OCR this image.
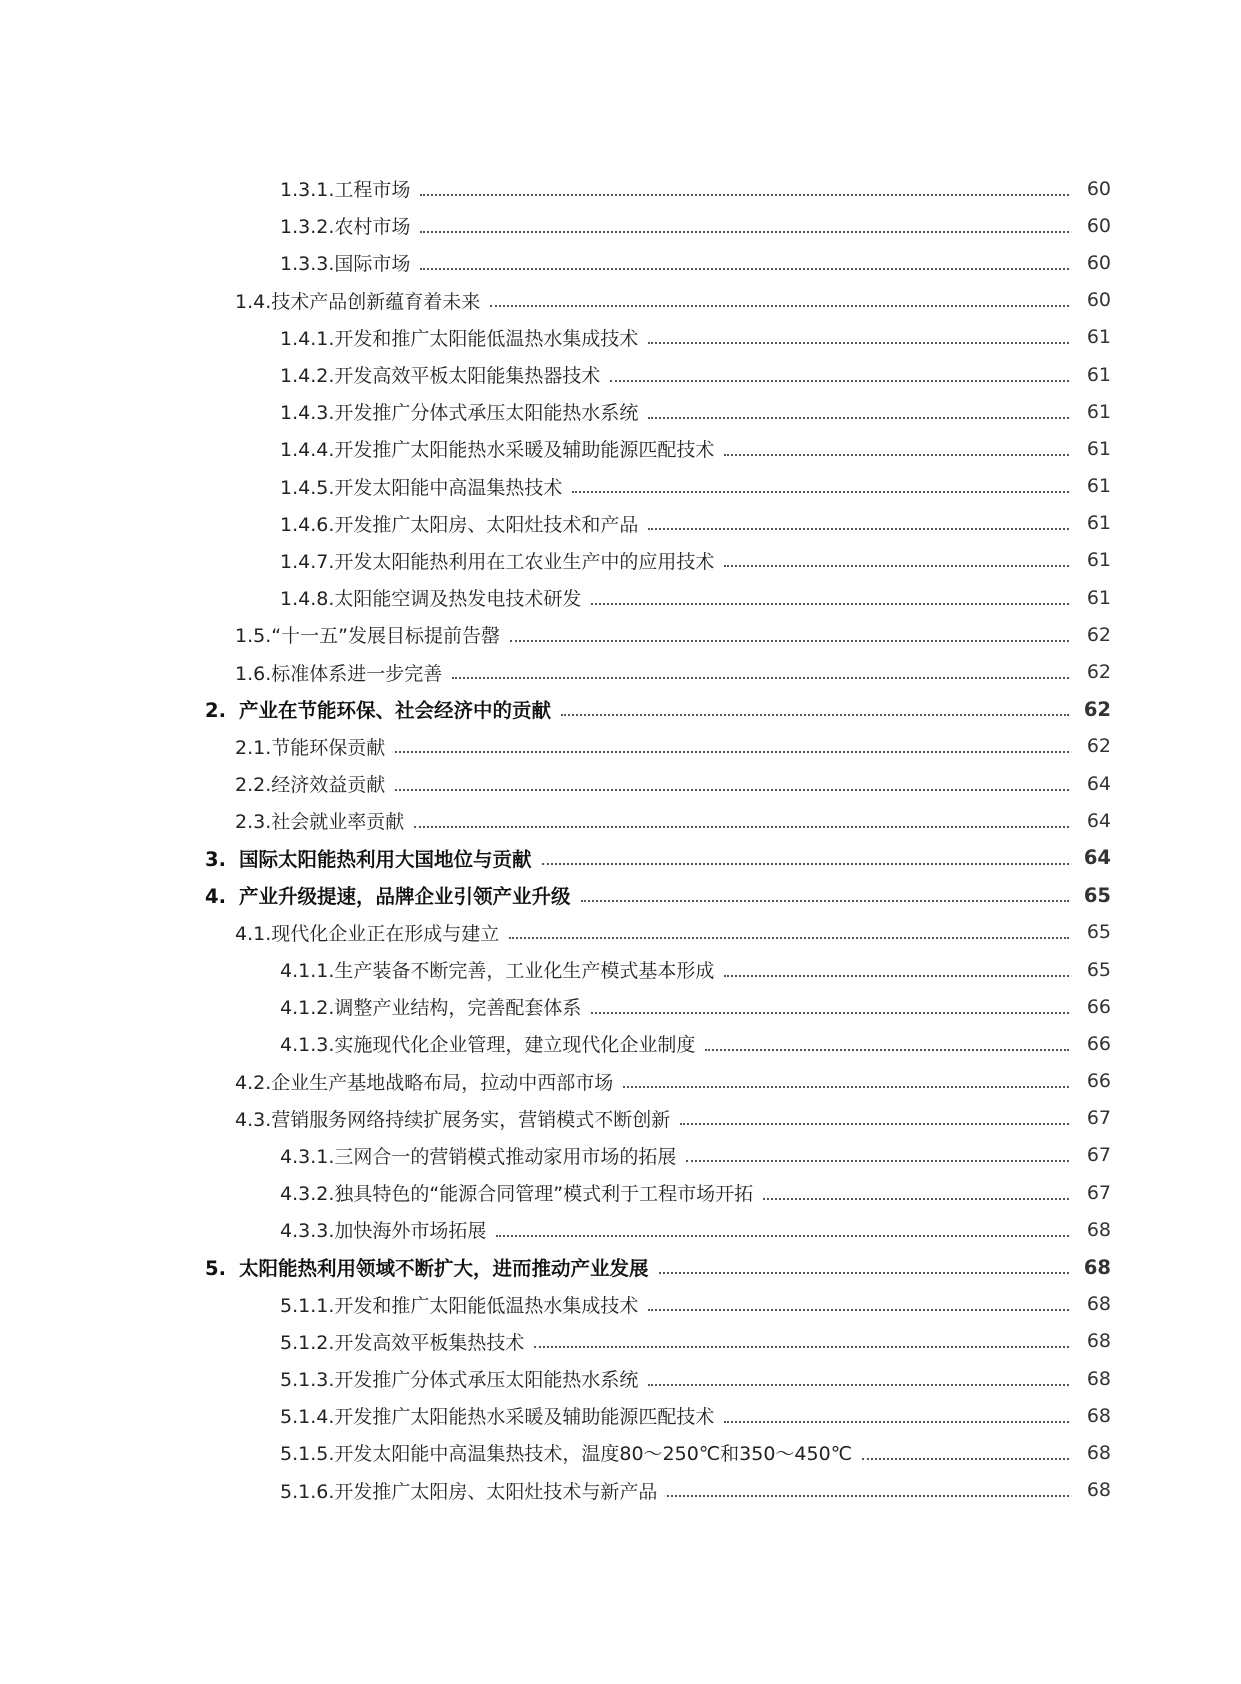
1.3.1.工程市场	60
1.3.2.农村市场	60
1.3.3.国际市场	60
1.4.技术产品创新蕴育着未来	60
1.4.1.开发和推广太阳能低温热水集成技术	61
1.4.2.开发高效平板太阳能集热器技术	61
1.4.3.开发推广分体式承压太阳能热水系统	61
1.4.4.开发推广太阳能热水采暖及辅助能源匹配技术	61
1.4.5.开发太阳能中高温集热技术	61
1.4.6.开发推广太阳房、太阳灶技术和产品	61
1.4.7.开发太阳能热利用在工农业生产中的应用技术	61
1.4.8.太阳能空调及热发电技术研发	61
1.5.“十一五”发展目标提前告罄	62
1.6.标准体系进一步完善	62
2. 产业在节能环保、社会经济中的贡献	62
2.1.节能环保贡献	62
2.2.经济效益贡献	64
2.3.社会就业率贡献	64
3. 国际太阳能热利用大国地位与贡献	64
4. 产业升级提速，品牌企业引领产业升级	65
4.1.现代化企业正在形成与建立	65
4.1.1.生产装备不断完善，工业化生产模式基本形成	65
4.1.2.调整产业结构，完善配套体系	66
4.1.3.实施现代化企业管理，建立现代化企业制度	66
4.2.企业生产基地战略布局，拉动中西部市场	66
4.3.营销服务网络持续扩展务实，营销模式不断创新	67
4.3.1.三网合一的营销模式推动家用市场的拓展	67
4.3.2.独具特色的“能源合同管理”模式利于工程市场开拓	67
4.3.3.加快海外市场拓展	68
5. 太阳能热利用领域不断扩大，进而推动产业发展	68
5.1.1.开发和推广太阳能低温热水集成技术	68
5.1.2.开发高效平板集热技术	68
5.1.3.开发推广分体式承压太阳能热水系统	68
5.1.4.开发推广太阳能热水采暖及辅助能源匹配技术	68
5.1.5.开发太阳能中高温集热技术，温度80～250℃和350～450℃	68
5.1.6.开发推广太阳房、太阳灶技术与新产品	68
